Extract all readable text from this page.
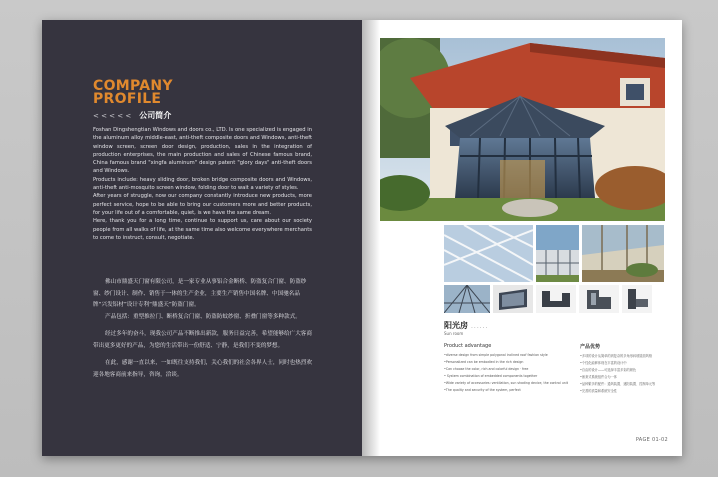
COMPANY
PROFILE
< < < < < 公司简介

Foshan Dingshengtian Windows and doors co., LTD. Is one specialized is engaged in the aluminum alloy middle-east, anti-theft composite doors and Windows, anti-theft window screen, screen door design, production, sales in the integration of production enterprises, the main production and sales of Chinese famous brand, China famous brand "xingfa aluminum" design patent "glory days" anti-theft doors and Windows.

Products include: heavy sliding door, broken bridge composite doors and Windows, anti-theft anti-mosquito screen window, folding door to wait a variety of styles.

After years of struggle, now our company constantly introduce new products, more perfect service, hope to be able to bring our customers more and better products, for your life out of a comfortable, quiet, is we have the same dream.

Here, thank you for a long time, continue to support us, care about our society people from all walks of life, at the same time also welcome everywhere merchants to come to instruct, consult, negotiate.

佛山市鼎盛天门窗有限公司，是一家专业从事铝合金断桥、防盗复合门窗、防盗纱窗、纱门设计、制作、销售于一体的生产企业，主要生产销售中国名牌、中国驰名品牌“兴发铝材”设计专利“鼎盛天”防盗门窗。

产品包括：重型推拉门、断桥复合门窗、防盗防蚊纱窗、折叠门窗等多种款式。

经过多年的奋斗，现我公司产品不断推出新款，服务日益完善，希望能够给广大客商带出更多更好的产品，为您的生活带出一份舒适、宁静，是我们不变的梦想。

在此，感谢一直以来，一如既往支持我们，关心我们的社会各界人士，同时也热烈欢迎各地客商前来指导，咨询，洽谈。

阳光房 ......
Sun room
Product advantage
•diverse design from simple polygonal inclined roof fashion style
•Personalized can be embodied in the rich design
•Can choose the color, rich and colorful design · free
• System combination of embedded components together
•Wide variety of accessories: ventilation, sun shading device, the control unit
•The quality and security of the system, perfect
产品优势
•多项的设计从简单的到复杂的多角形斜坡屋面风格
•个性化能够体现在丰富的设计中
•自由的设计——可选择丰富多彩的颜色
•嵌套式系统组件合为一体
•品种繁多的配件：通风装置、遮阳装置、控制单元等
•完善的质量和系统安全性
PAGE 01-02
